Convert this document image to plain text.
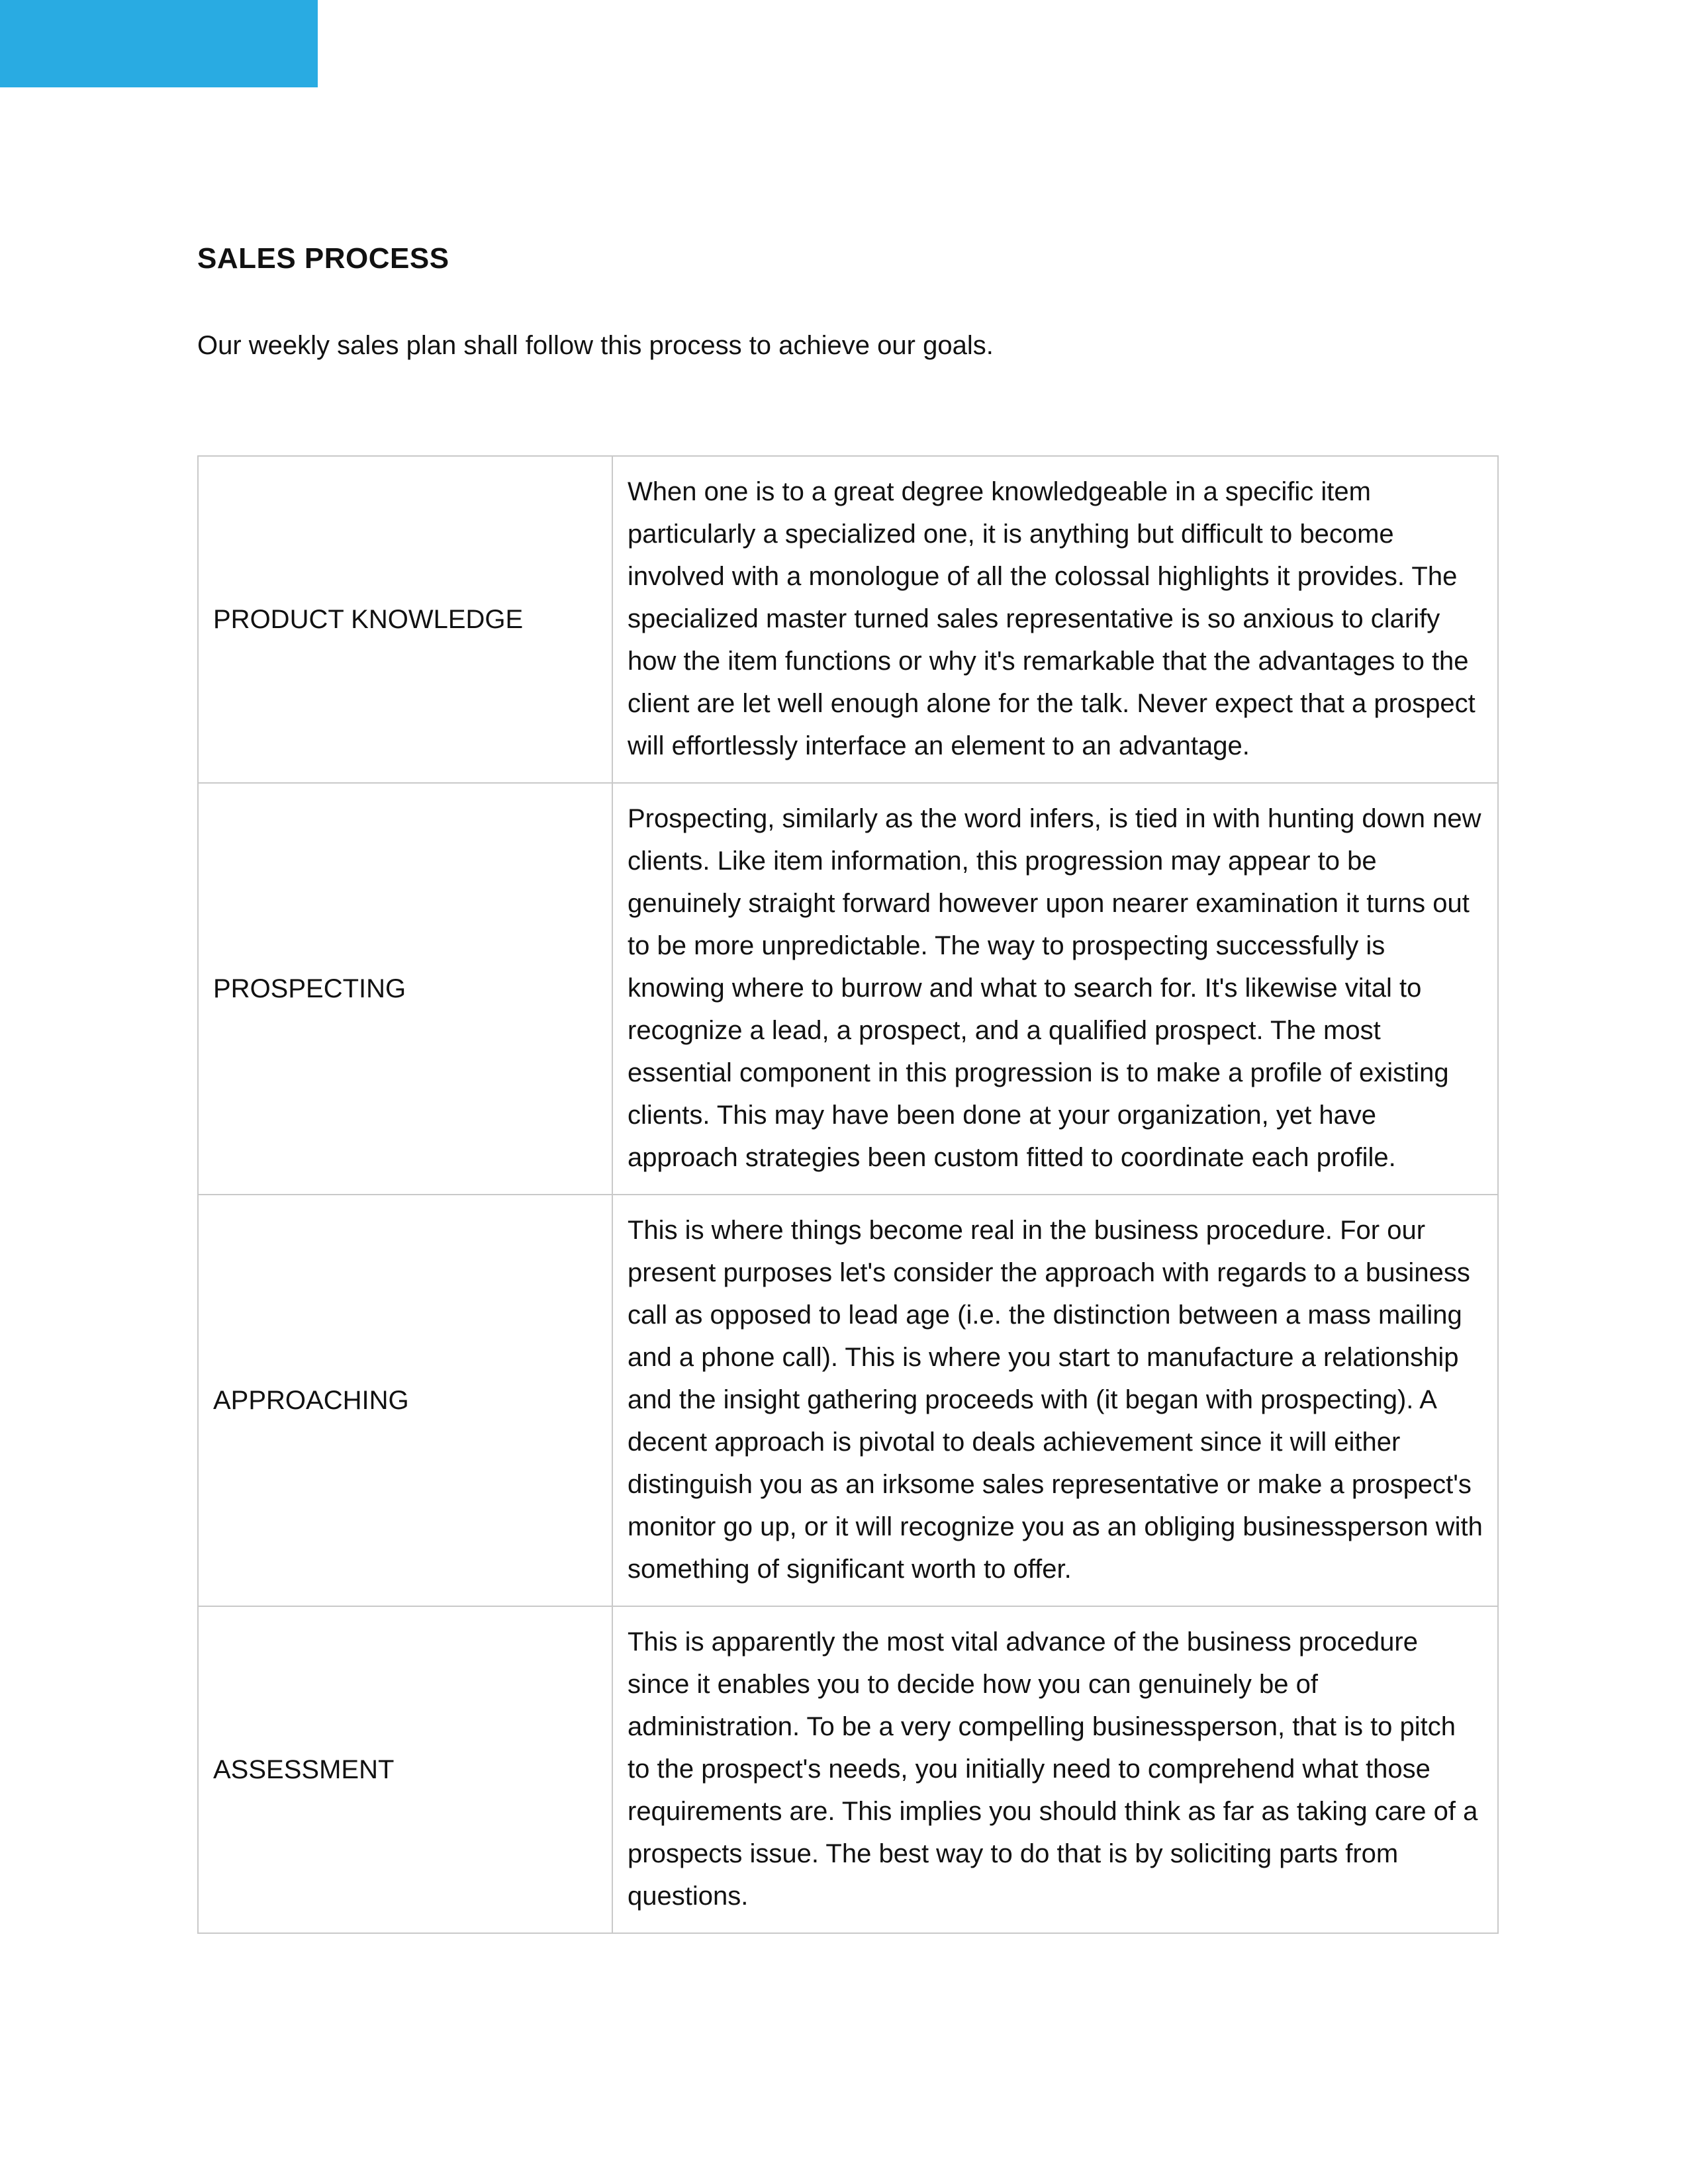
SALES PROCESS

Our weekly sales plan shall follow this process to achieve our goals.

PRODUCT KNOWLEDGE	When one is to a great degree knowledgeable in a specific item particularly a specialized one, it is anything but difficult to become involved with a monologue of all the colossal highlights it provides. The specialized master turned sales representative is so anxious to clarify how the item functions or why it's remarkable that the advantages to the client are let well enough alone for the talk. Never expect that a prospect will effortlessly interface an element to an advantage.
PROSPECTING	Prospecting, similarly as the word infers, is tied in with hunting down new clients. Like item information, this progression may appear to be genuinely straight forward however upon nearer examination it turns out to be more unpredictable. The way to prospecting successfully is knowing where to burrow and what to search for. It's likewise vital to recognize a lead, a prospect, and a qualified prospect. The most essential component in this progression is to make a profile of existing clients. This may have been done at your organization, yet have approach strategies been custom fitted to coordinate each profile.
APPROACHING	This is where things become real in the business procedure. For our present purposes let's consider the approach with regards to a business call as opposed to lead age (i.e. the distinction between a mass mailing and a phone call). This is where you start to manufacture a relationship and the insight gathering proceeds with (it began with prospecting). A decent approach is pivotal to deals achievement since it will either distinguish you as an irksome sales representative or make a prospect's monitor go up, or it will recognize you as an obliging businessperson with something of significant worth to offer.
ASSESSMENT	This is apparently the most vital advance of the business procedure since it enables you to decide how you can genuinely be of administration. To be a very compelling businessperson, that is to pitch to the prospect's needs, you initially need to comprehend what those requirements are. This implies you should think as far as taking care of a prospects issue. The best way to do that is by soliciting parts from questions.
